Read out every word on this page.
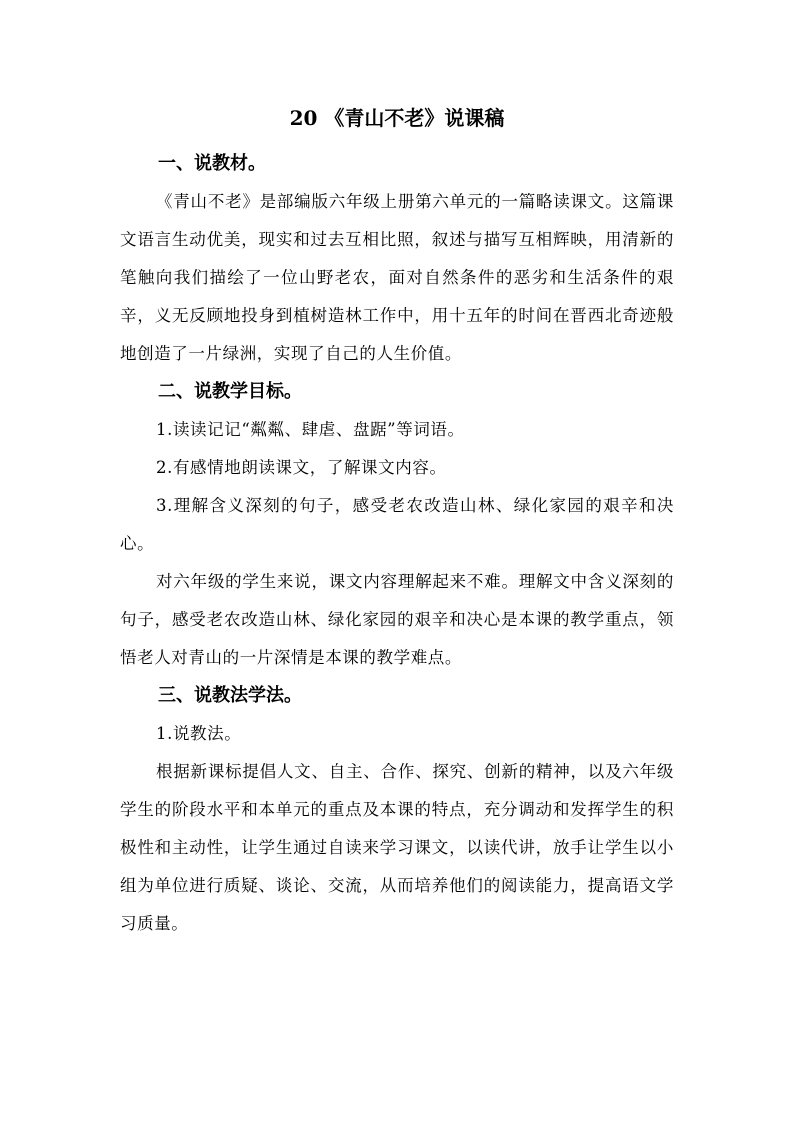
20 《青山不老》说课稿
一、说教材。

《青山不老》是部编版六年级上册第六单元的一篇略读课文。这篇课文语言生动优美，现实和过去互相比照，叙述与描写互相辉映，用清新的笔触向我们描绘了一位山野老农，面对自然条件的恶劣和生活条件的艰辛，义无反顾地投身到植树造林工作中，用十五年的时间在晋西北奇迹般地创造了一片绿洲，实现了自己的人生价值。

二、说教学目标。

1.读读记记“粼粼、肆虐、盘踞”等词语。

2.有感情地朗读课文，了解课文内容。

3.理解含义深刻的句子，感受老农改造山林、绿化家园的艰辛和决心。

对六年级的学生来说，课文内容理解起来不难。理解文中含义深刻的句子，感受老农改造山林、绿化家园的艰辛和决心是本课的教学重点，领悟老人对青山的一片深情是本课的教学难点。

三、说教法学法。

1.说教法。

根据新课标提倡人文、自主、合作、探究、创新的精神，以及六年级学生的阶段水平和本单元的重点及本课的特点，充分调动和发挥学生的积极性和主动性，让学生通过自读来学习课文，以读代讲，放手让学生以小组为单位进行质疑、谈论、交流，从而培养他们的阅读能力，提高语文学习质量。
